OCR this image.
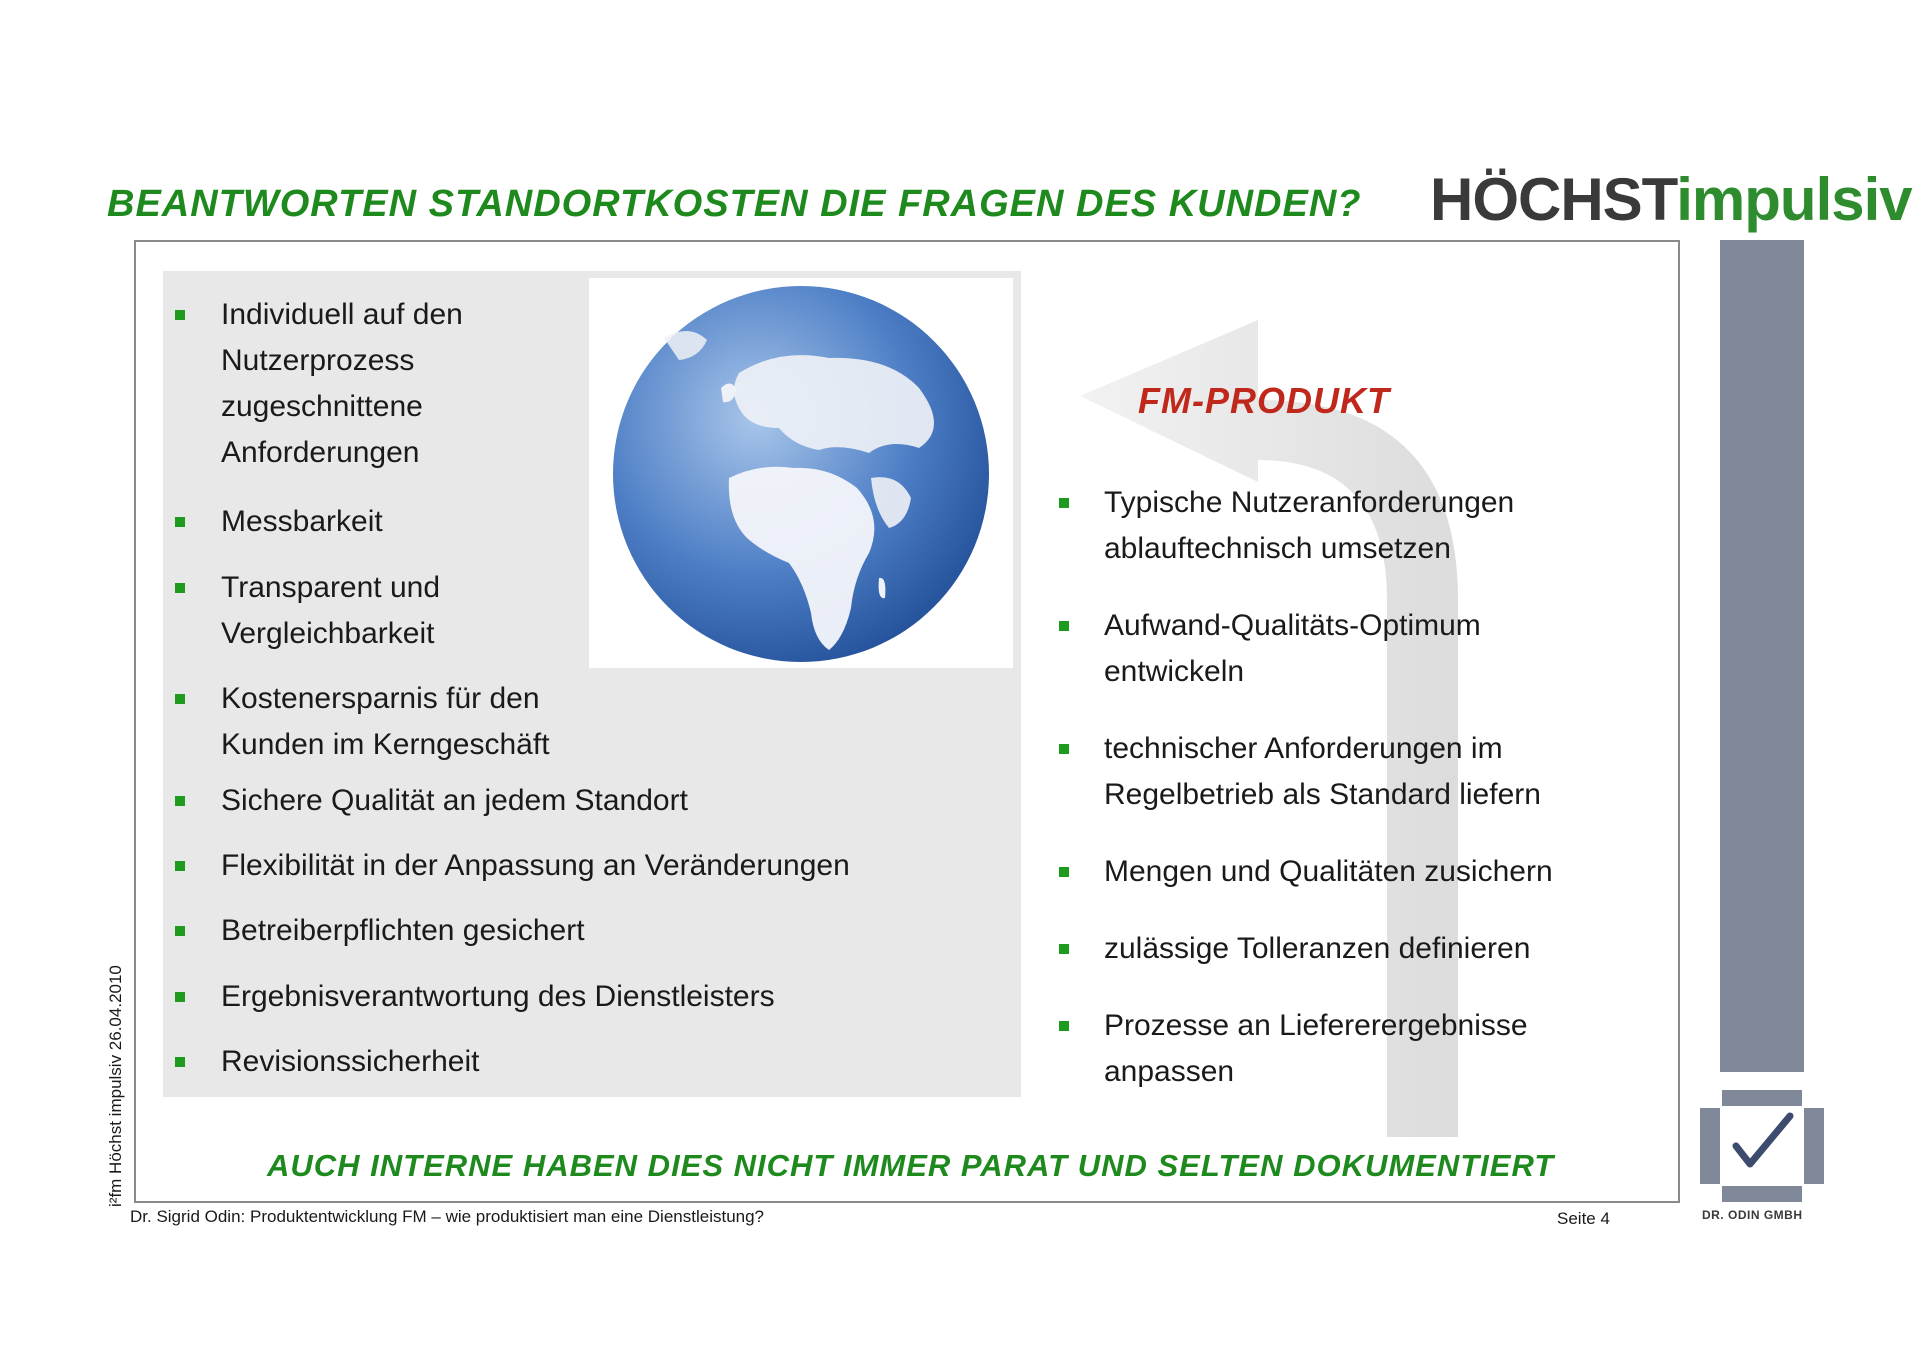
BEANTWORTEN STANDORTKOSTEN DIE FRAGEN DES KUNDEN? HÖCHSTimpulsiv
Individuell auf den
Nutzerprozess
zugeschnittene
Anforderungen
Messbarkeit
Transparent und
Vergleichbarkeit
Kostenersparnis für den
Kunden im Kerngeschäft
Sichere Qualität an jedem Standort
Flexibilität in der Anpassung an Veränderungen
Betreiberpflichten gesichert
Ergebnisverantwortung des Dienstleisters
Revisionssicherheit
FM-PRODUKT
Typische Nutzeranforderungen
ablauftechnisch umsetzen
Aufwand-Qualitäts-Optimum
entwickeln
technischer Anforderungen im
Regelbetrieb als Standard liefern
Mengen und Qualitäten zusichern
zulässige Tolleranzen definieren
Prozesse an Liefererergebnisse
anpassen
AUCH INTERNE HABEN DIES NICHT IMMER PARAT UND SELTEN DOKUMENTIERT
DR. ODIN GMBH
Dr. Sigrid Odin: Produktentwicklung FM – wie produktisiert man eine Dienstleistung?	Seite 4
i²fm Höchst impulsiv 26.04.2010
